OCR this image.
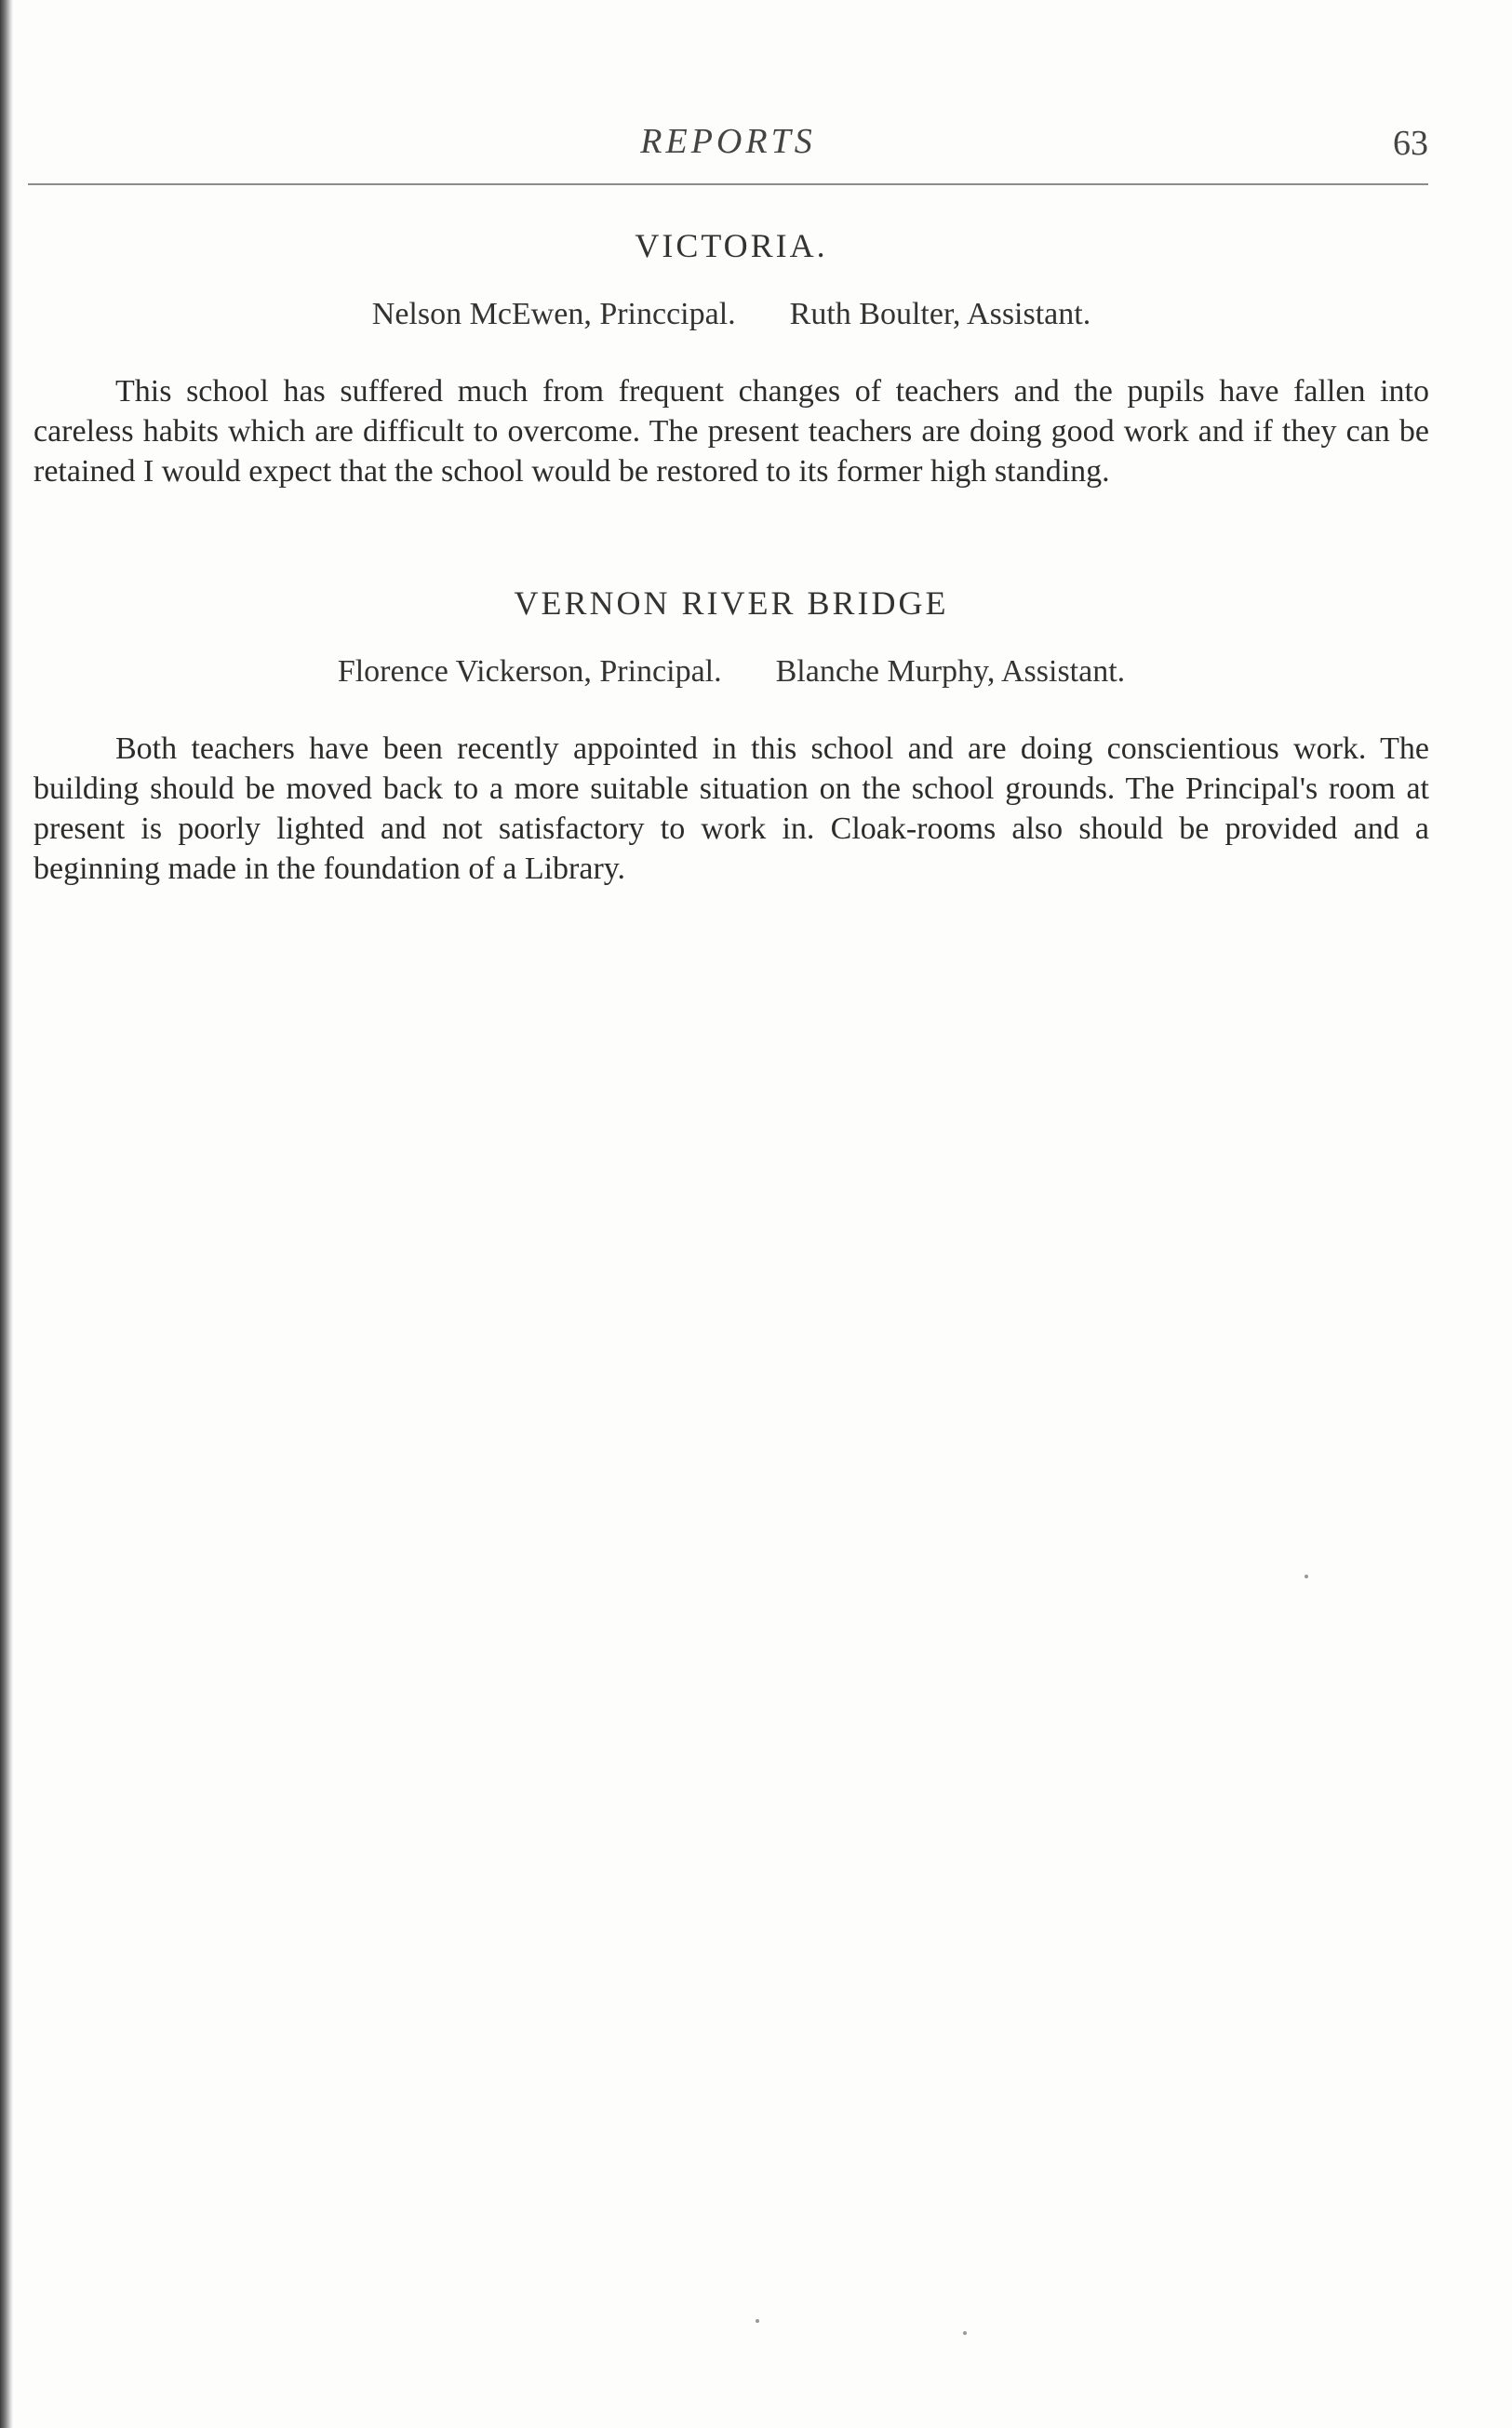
REPORTS	63
VICTORIA.
Nelson McEwen, Princcipal. Ruth Boulter, Assistant.

This school has suffered much from frequent changes of teachers and the pupils have fallen into careless habits which are difficult to overcome. The present teachers are doing good work and if they can be retained I would expect that the school would be restored to its former high standing.

VERNON RIVER BRIDGE
Florence Vickerson, Principal. Blanche Murphy, Assistant.

Both teachers have been recently appointed in this school and are doing conscientious work. The building should be moved back to a more suitable situation on the school grounds. The Principal's room at present is poorly lighted and not satisfactory to work in. Cloak-rooms also should be provided and a beginning made in the foundation of a Library.
